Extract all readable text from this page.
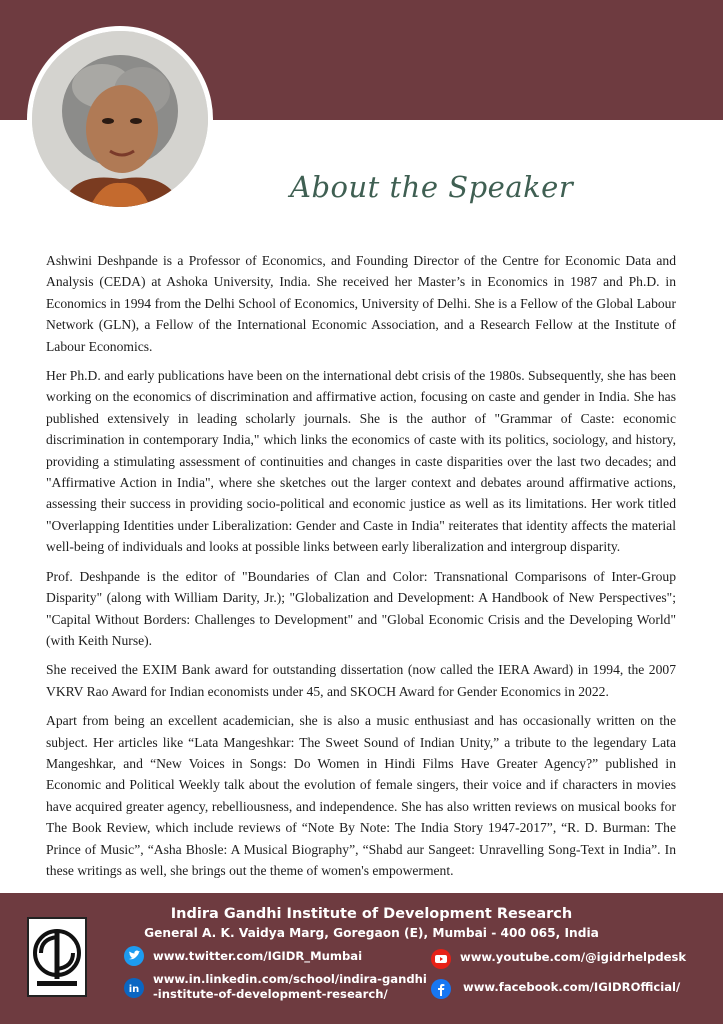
About the Speaker

Ashwini Deshpande is a Professor of Economics, and Founding Director of the Centre for Economic Data and Analysis (CEDA) at Ashoka University, India. She received her Master’s in Economics in 1987 and Ph.D. in Economics in 1994 from the Delhi School of Economics, University of Delhi. She is a Fellow of the Global Labour Network (GLN), a Fellow of the International Economic Association, and a Research Fellow at the Institute of Labour Economics.

Her Ph.D. and early publications have been on the international debt crisis of the 1980s. Subsequently, she has been working on the economics of discrimination and affirmative action, focusing on caste and gender in India. She has published extensively in leading scholarly journals. She is the author of "Grammar of Caste: economic discrimination in contemporary India," which links the economics of caste with its politics, sociology, and history, providing a stimulating assessment of continuities and changes in caste disparities over the last two decades; and "Affirmative Action in India", where she sketches out the larger context and debates around affirmative actions, assessing their success in providing socio-political and economic justice as well as its limitations. Her work titled "Overlapping Identities under Liberalization: Gender and Caste in India" reiterates that identity affects the material well-being of individuals and looks at possible links between early liberalization and intergroup disparity.

Prof. Deshpande is the editor of "Boundaries of Clan and Color: Transnational Comparisons of Inter-Group Disparity" (along with William Darity, Jr.); "Globalization and Development: A Handbook of New Perspectives"; "Capital Without Borders: Challenges to Development" and "Global Economic Crisis and the Developing World" (with Keith Nurse).

She received the EXIM Bank award for outstanding dissertation (now called the IERA Award) in 1994, the 2007 VKRV Rao Award for Indian economists under 45, and SKOCH Award for Gender Economics in 2022.

Apart from being an excellent academician, she is also a music enthusiast and has occasionally written on the subject. Her articles like “Lata Mangeshkar: The Sweet Sound of Indian Unity,” a tribute to the legendary Lata Mangeshkar, and “New Voices in Songs: Do Women in Hindi Films Have Greater Agency?” published in Economic and Political Weekly talk about the evolution of female singers, their voice and if characters in movies have acquired greater agency, rebelliousness, and independence. She has also written reviews on musical books for The Book Review, which include reviews of “Note By Note: The India Story 1947-2017”, “R. D. Burman: The Prince of Music”, “Asha Bhosle: A Musical Biography”, “Shabd aur Sangeet: Unravelling Song-Text in India”. In these writings as well, she brings out the theme of women's empowerment.

Indira Gandhi Institute of Development Research
General A. K. Vaidya Marg, Goregaon (E), Mumbai - 400 065, India
www.twitter.com/IGIDR_Mumbai
in
www.in.linkedin.com/school/indira-gandhi
-institute-of-development-research/
www.youtube.com/@igidrhelpdesk
www.facebook.com/IGIDROfficial/
